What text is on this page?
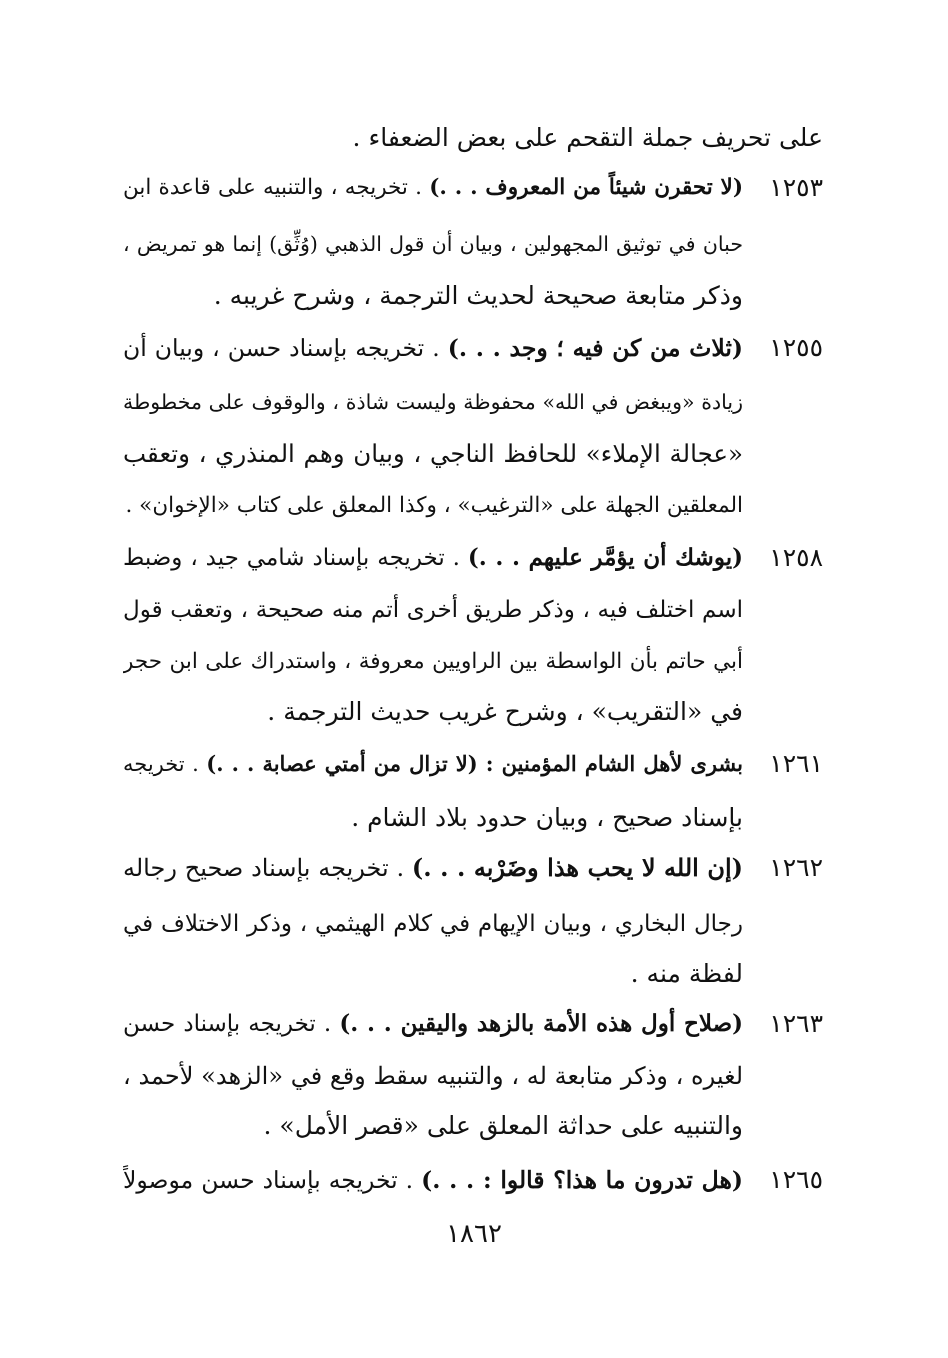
على تحريف جملة التقحم على بعض الضعفاء .
١٢٥٣
(لا تحقرن شيئاً من المعروف . . .) . تخريجه ، والتنبيه على قاعدة ابن
حبان في توثيق المجهولين ، وبيان أن قول الذهبي (وُثِّق) إنما هو تمريض ،
وذكر متابعة صحيحة لحديث الترجمة ، وشرح غريبه .
١٢٥٥
(ثلاث من كن فيه ؛ وجد . . .) . تخريجه بإسناد حسن ، وبيان أن
زيادة «ويبغض في الله» محفوظة وليست شاذة ، والوقوف على مخطوطة
«عجالة الإملاء» للحافظ الناجي ، وبيان وهم المنذري ، وتعقب
المعلقين الجهلة على «الترغيب» ، وكذا المعلق على كتاب «الإخوان» .
١٢٥٨
(يوشك أن يؤمَّر عليهم . . .) . تخريجه بإسناد شامي جيد ، وضبط
اسم اختلف فيه ، وذكر طريق أخرى أتم منه صحيحة ، وتعقب قول
أبي حاتم بأن الواسطة بين الراويين معروفة ، واستدراك على ابن حجر
في «التقريب» ، وشرح غريب حديث الترجمة .
١٢٦١
بشرى لأهل الشام المؤمنين : (لا تزال من أمتي عصابة . . .) . تخريجه
بإسناد صحيح ، وبيان حدود بلاد الشام .
١٢٦٢
(إن الله لا يحب هذا وضَرْبه . . .) . تخريجه بإسناد صحيح رجاله
رجال البخاري ، وبيان الإيهام في كلام الهيثمي ، وذكر الاختلاف في
لفظة منه .
١٢٦٣
(صلاح أول هذه الأمة بالزهد واليقين . . .) . تخريجه بإسناد حسن
لغيره ، وذكر متابعة له ، والتنبيه سقط وقع في «الزهد» لأحمد ،
والتنبيه على حداثة المعلق على «قصر الأمل» .
١٢٦٥
(هل تدرون ما هذا؟ قالوا : . . .) . تخريجه بإسناد حسن موصولاً
١٨٦٢
